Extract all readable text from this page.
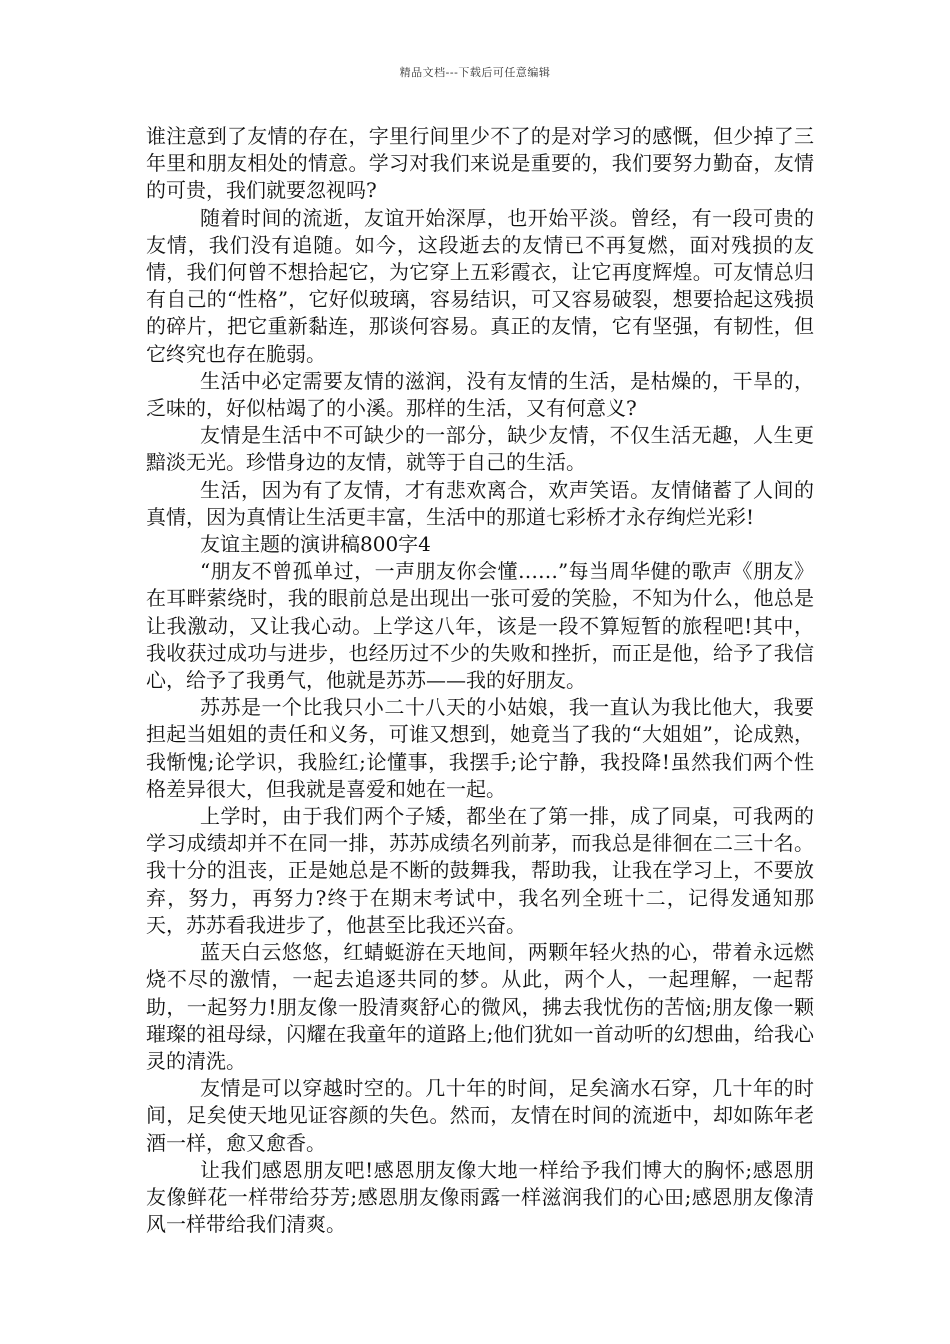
精品文档---下载后可任意编辑

谁注意到了友情的存在，字里行间里少不了的是对学习的感慨，但少掉了三年里和朋友相处的情意。学习对我们来说是重要的，我们要努力勤奋，友情的可贵，我们就要忽视吗?

随着时间的流逝，友谊开始深厚，也开始平淡。曾经，有一段可贵的友情，我们没有追随。如今，这段逝去的友情已不再复燃，面对残损的友情，我们何曾不想拾起它，为它穿上五彩霞衣，让它再度辉煌。可友情总归有自己的“性格”，它好似玻璃，容易结识，可又容易破裂，想要拾起这残损的碎片，把它重新黏连，那谈何容易。真正的友情，它有坚强，有韧性，但它终究也存在脆弱。

生活中必定需要友情的滋润，没有友情的生活，是枯燥的，干旱的，乏味的，好似枯竭了的小溪。那样的生活，又有何意义?

友情是生活中不可缺少的一部分，缺少友情，不仅生活无趣，人生更黯淡无光。珍惜身边的友情，就等于自己的生活。

生活，因为有了友情，才有悲欢离合，欢声笑语。友情储蓄了人间的真情，因为真情让生活更丰富，生活中的那道七彩桥才永存绚烂光彩!

友谊主题的演讲稿800字4

“朋友不曾孤单过，一声朋友你会懂……”每当周华健的歌声《朋友》在耳畔萦绕时，我的眼前总是出现出一张可爱的笑脸，不知为什么，他总是让我激动，又让我心动。上学这八年，该是一段不算短暂的旅程吧!其中，我收获过成功与进步，也经历过不少的失败和挫折，而正是他，给予了我信心，给予了我勇气，他就是苏苏——我的好朋友。

苏苏是一个比我只小二十八天的小姑娘，我一直认为我比他大，我要担起当姐姐的责任和义务，可谁又想到，她竟当了我的“大姐姐”，论成熟，我惭愧;论学识，我脸红;论懂事，我摆手;论宁静，我投降!虽然我们两个性格差异很大，但我就是喜爱和她在一起。

上学时，由于我们两个子矮，都坐在了第一排，成了同桌，可我两的学习成绩却并不在同一排，苏苏成绩名列前茅，而我总是徘徊在二三十名。我十分的沮丧，正是她总是不断的鼓舞我，帮助我，让我在学习上，不要放弃，努力，再努力?终于在期末考试中，我名列全班十二，记得发通知那天，苏苏看我进步了，他甚至比我还兴奋。

蓝天白云悠悠，红蜻蜓游在天地间，两颗年轻火热的心，带着永远燃烧不尽的激情，一起去追逐共同的梦。从此，两个人，一起理解，一起帮助，一起努力!朋友像一股清爽舒心的微风，拂去我忧伤的苦恼;朋友像一颗璀璨的祖母绿，闪耀在我童年的道路上;他们犹如一首动听的幻想曲，给我心灵的清洗。

友情是可以穿越时空的。几十年的时间，足矣滴水石穿，几十年的时间，足矣使天地见证容颜的失色。然而，友情在时间的流逝中，却如陈年老酒一样，愈又愈香。

让我们感恩朋友吧!感恩朋友像大地一样给予我们博大的胸怀;感恩朋友像鲜花一样带给芬芳;感恩朋友像雨露一样滋润我们的心田;感恩朋友像清风一样带给我们清爽。
